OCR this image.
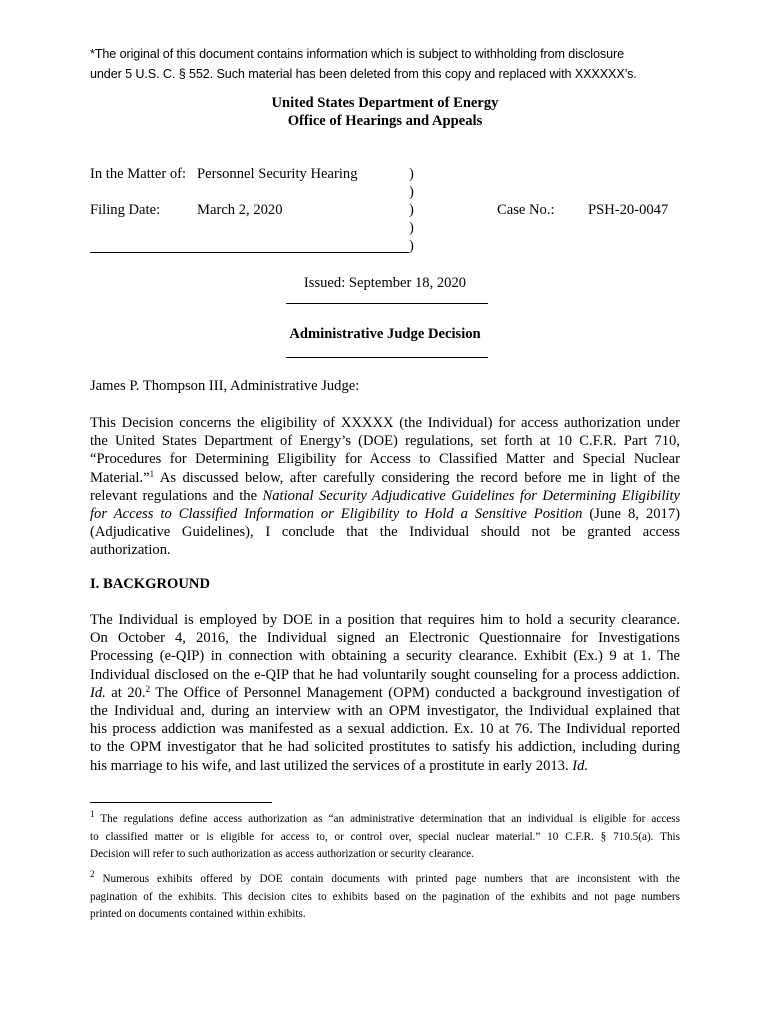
*The original of this document contains information which is subject to withholding from disclosure
under 5 U.S. C. § 552. Such material has been deleted from this copy and replaced with XXXXXX’s.
United States Department of Energy
Office of Hearings and Appeals
In the Matter of: Personnel Security Hearing
Filing Date:	March 2, 2020	Case No.: PSH-20-0047
)
)
)
)
)
Issued: September 18, 2020
Administrative Judge Decision
James P. Thompson III, Administrative Judge:
This Decision concerns the eligibility of XXXXX (the Individual) for access authorization under
the United States Department of Energy’s (DOE) regulations, set forth at 10 C.F.R. Part 710,
“Procedures for Determining Eligibility for Access to Classified Matter and Special Nuclear
Material.”$^1$ As discussed below, after carefully considering the record before me in light of the
relevant regulations and the National Security Adjudicative Guidelines for Determining Eligibility
for Access to Classified Information or Eligibility to Hold a Sensitive Position (June 8, 2017)
(Adjudicative Guidelines), I conclude that the Individual should not be granted access
authorization.
I. BACKGROUND
The Individual is employed by DOE in a position that requires him to hold a security clearance.
On October 4, 2016, the Individual signed an Electronic Questionnaire for Investigations
Processing (e-QIP) in connection with obtaining a security clearance. Exhibit (Ex.) 9 at 1. The
Individual disclosed on the e-QIP that he had voluntarily sought counseling for a process addiction.
Id. at 20.$^2$ The Office of Personnel Management (OPM) conducted a background investigation of
the Individual and, during an interview with an OPM investigator, the Individual explained that
his process addiction was manifested as a sexual addiction. Ex. 10 at 76. The Individual reported
to the OPM investigator that he had solicited prostitutes to satisfy his addiction, including during
his marriage to his wife, and last utilized the services of a prostitute in early 2013. Id.
$^1$ The regulations define access authorization as “an administrative determination that an individual is eligible for access
to classified matter or is eligible for access to, or control over, special nuclear material.” 10 C.F.R. § 710.5(a). This
Decision will refer to such authorization as access authorization or security clearance.
$^2$ Numerous exhibits offered by DOE contain documents with printed page numbers that are inconsistent with the
pagination of the exhibits. This decision cites to exhibits based on the pagination of the exhibits and not page numbers
printed on documents contained within exhibits.
